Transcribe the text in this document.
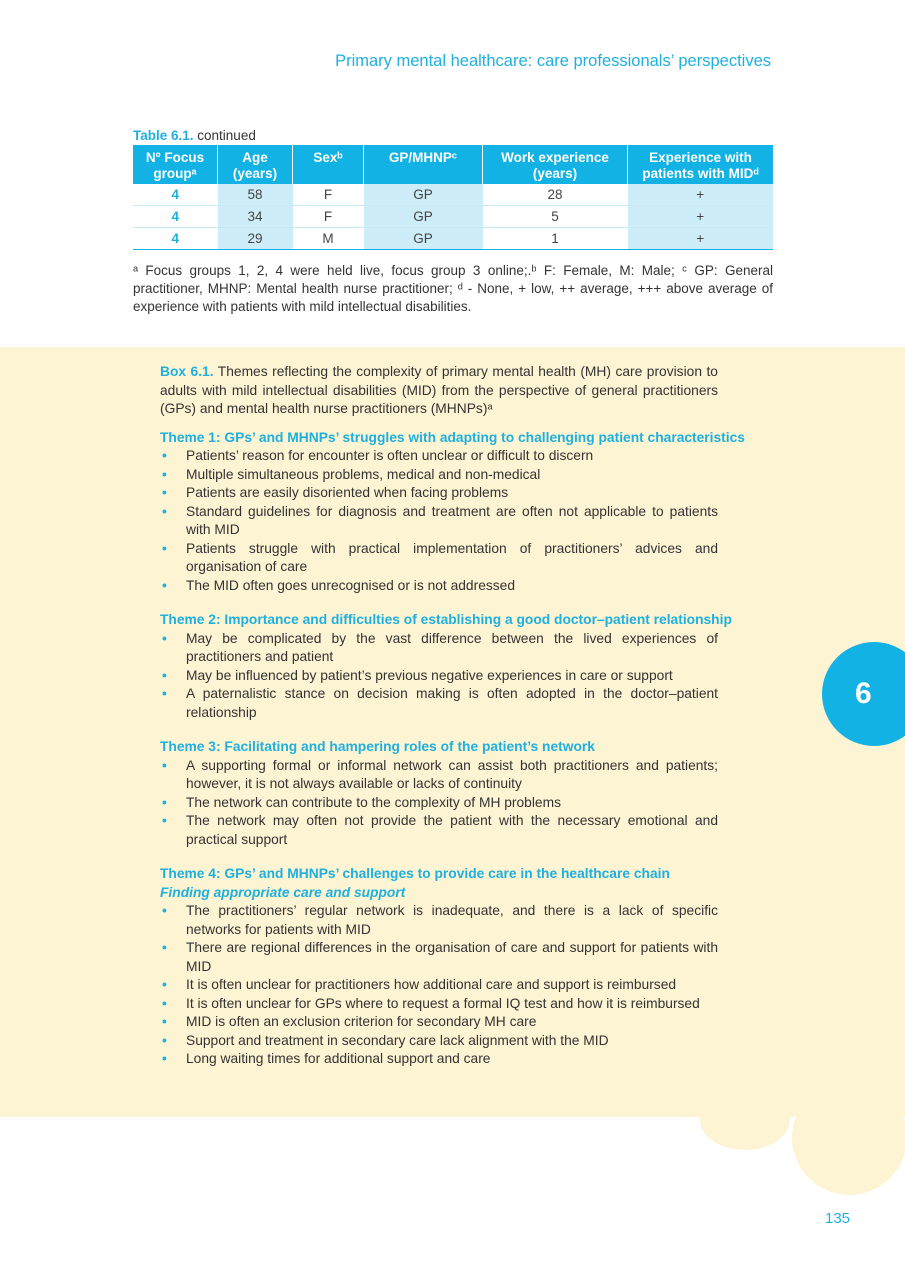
Primary mental healthcare: care professionals’ perspectives
Table 6.1. continued
Nº Focus groupᵃ	Age (years)	Sexᵇ	GP/MHNPᶜ	Work experience (years)	Experience with patients with MIDᵈ
4	58	F	GP	28	+
4	34	F	GP	5	+
4	29	M	GP	1	+
ᵃ Focus groups 1, 2, 4 were held live, focus group 3 online;.ᵇ F: Female, M: Male; ᶜ GP: General practitioner, MHNP: Mental health nurse practitioner; ᵈ - None, + low, ++ average, +++ above average of experience with patients with mild intellectual disabilities.
6

Box 6.1. Themes reflecting the complexity of primary mental health (MH) care provision to adults with mild intellectual disabilities (MID) from the perspective of general practitioners (GPs) and mental health nurse practitioners (MHNPs)ᵃ

Theme 1: GPs’ and MHNPs’ struggles with adapting to challenging patient characteristics
• Patients’ reason for encounter is often unclear or difficult to discern
• Multiple simultaneous problems, medical and non-medical
• Patients are easily disoriented when facing problems
• Standard guidelines for diagnosis and treatment are often not applicable to patients with MID
• Patients struggle with practical implementation of practitioners’ advices and organisation of care
• The MID often goes unrecognised or is not addressed
Theme 2: Importance and difficulties of establishing a good doctor–patient relationship
• May be complicated by the vast difference between the lived experiences of practitioners and patient
• May be influenced by patient’s previous negative experiences in care or support
• A paternalistic stance on decision making is often adopted in the doctor–patient relationship
Theme 3: Facilitating and hampering roles of the patient’s network
• A supporting formal or informal network can assist both practitioners and patients; however, it is not always available or lacks of continuity
• The network can contribute to the complexity of MH problems
• The network may often not provide the patient with the necessary emotional and practical support
Theme 4: GPs’ and MHNPs’ challenges to provide care in the healthcare chain
Finding appropriate care and support
• The practitioners’ regular network is inadequate, and there is a lack of specific networks for patients with MID
• There are regional differences in the organisation of care and support for patients with MID
• It is often unclear for practitioners how additional care and support is reimbursed
• It is often unclear for GPs where to request a formal IQ test and how it is reimbursed
• MID is often an exclusion criterion for secondary MH care
• Support and treatment in secondary care lack alignment with the MID
• Long waiting times for additional support and care
135
